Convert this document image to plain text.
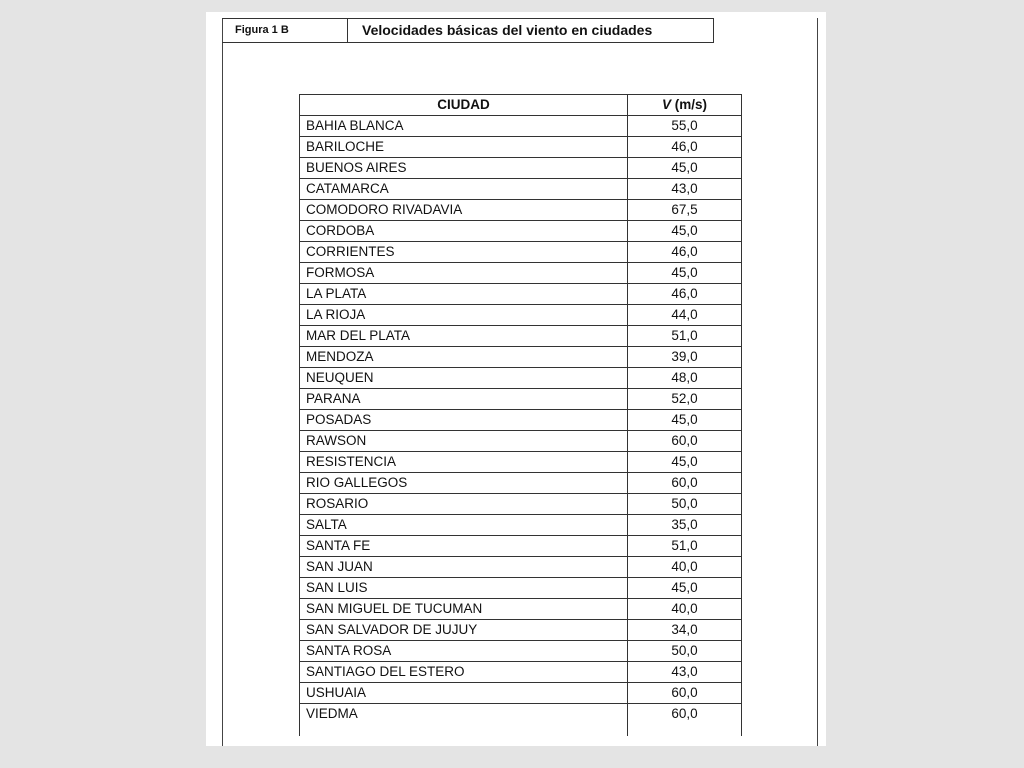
Figura 1 B	Velocidades básicas del viento en ciudades
CIUDAD	V (m/s)
BAHIA BLANCA	55,0
BARILOCHE	46,0
BUENOS AIRES	45,0
CATAMARCA	43,0
COMODORO RIVADAVIA	67,5
CORDOBA	45,0
CORRIENTES	46,0
FORMOSA	45,0
LA PLATA	46,0
LA RIOJA	44,0
MAR DEL PLATA	51,0
MENDOZA	39,0
NEUQUEN	48,0
PARANA	52,0
POSADAS	45,0
RAWSON	60,0
RESISTENCIA	45,0
RIO GALLEGOS	60,0
ROSARIO	50,0
SALTA	35,0
SANTA FE	51,0
SAN JUAN	40,0
SAN LUIS	45,0
SAN MIGUEL DE TUCUMAN	40,0
SAN SALVADOR DE JUJUY	34,0
SANTA ROSA	50,0
SANTIAGO DEL ESTERO	43,0
USHUAIA	60,0
VIEDMA	60,0
